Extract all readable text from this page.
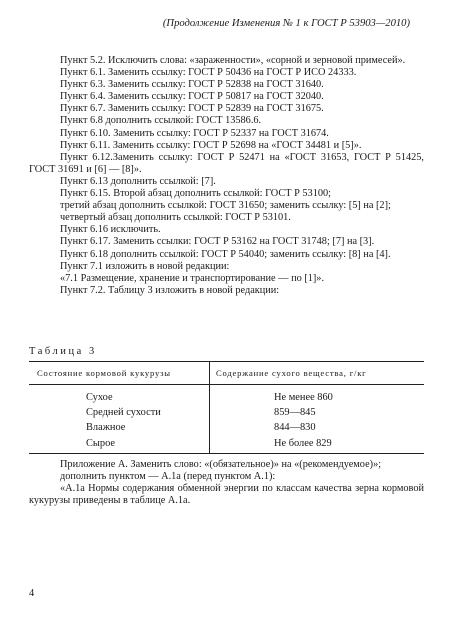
(Продолжение Изменения № 1 к ГОСТ Р 53903—2010)

Пункт 5.2. Исключить слова: «зараженности», «сорной и зерновой примесей».

Пункт 6.1. Заменить ссылку: ГОСТ Р 50436 на ГОСТ Р ИСО 24333.

Пункт 6.3. Заменить ссылку: ГОСТ Р 52838 на ГОСТ 31640.

Пункт 6.4. Заменить ссылку: ГОСТ Р 50817 на ГОСТ 32040.

Пункт 6.7. Заменить ссылку: ГОСТ Р 52839 на ГОСТ 31675.

Пункт 6.8 дополнить ссылкой: ГОСТ 13586.6.

Пункт 6.10. Заменить ссылку: ГОСТ Р 52337 на ГОСТ 31674.

Пункт 6.11. Заменить ссылку: ГОСТ Р 52698 на «ГОСТ 34481 и [5]».

Пункт 6.12.Заменить ссылку: ГОСТ Р 52471 на «ГОСТ 31653, ГОСТ Р 51425, ГОСТ 31691 и [6] — [8]».

Пункт 6.13 дополнить ссылкой: [7].

Пункт 6.15. Второй абзац дополнить ссылкой: ГОСТ Р 53100;

третий абзац дополнить ссылкой: ГОСТ 31650; заменить ссылку: [5] на [2];

четвертый абзац дополнить ссылкой: ГОСТ Р 53101.

Пункт 6.16 исключить.

Пункт 6.17. Заменить ссылки: ГОСТ Р 53162 на ГОСТ 31748; [7] на [3].

Пункт 6.18 дополнить ссылкой: ГОСТ Р 54040; заменить ссылку: [8] на [4].

Пункт 7.1 изложить в новой редакции:

«7.1 Размещение, хранение и транспортирование — по [1]».

Пункт 7.2. Таблицу 3 изложить в новой редакции:

Таблица 3
Состояние кормовой кукурузы	Содержание сухого вещества, г/кг
Сухое	Не менее 860
Средней сухости	859—845
Влажное	844—830
Сырое	Не более 829

Приложение А. Заменить слово: «(обязательное)» на «(рекомендуемое)»;

дополнить пунктом — А.1а (перед пунктом А.1):

«А.1а Нормы содержания обменной энергии по классам качества зерна кормовой кукурузы приведены в таблице А.1а.

4
